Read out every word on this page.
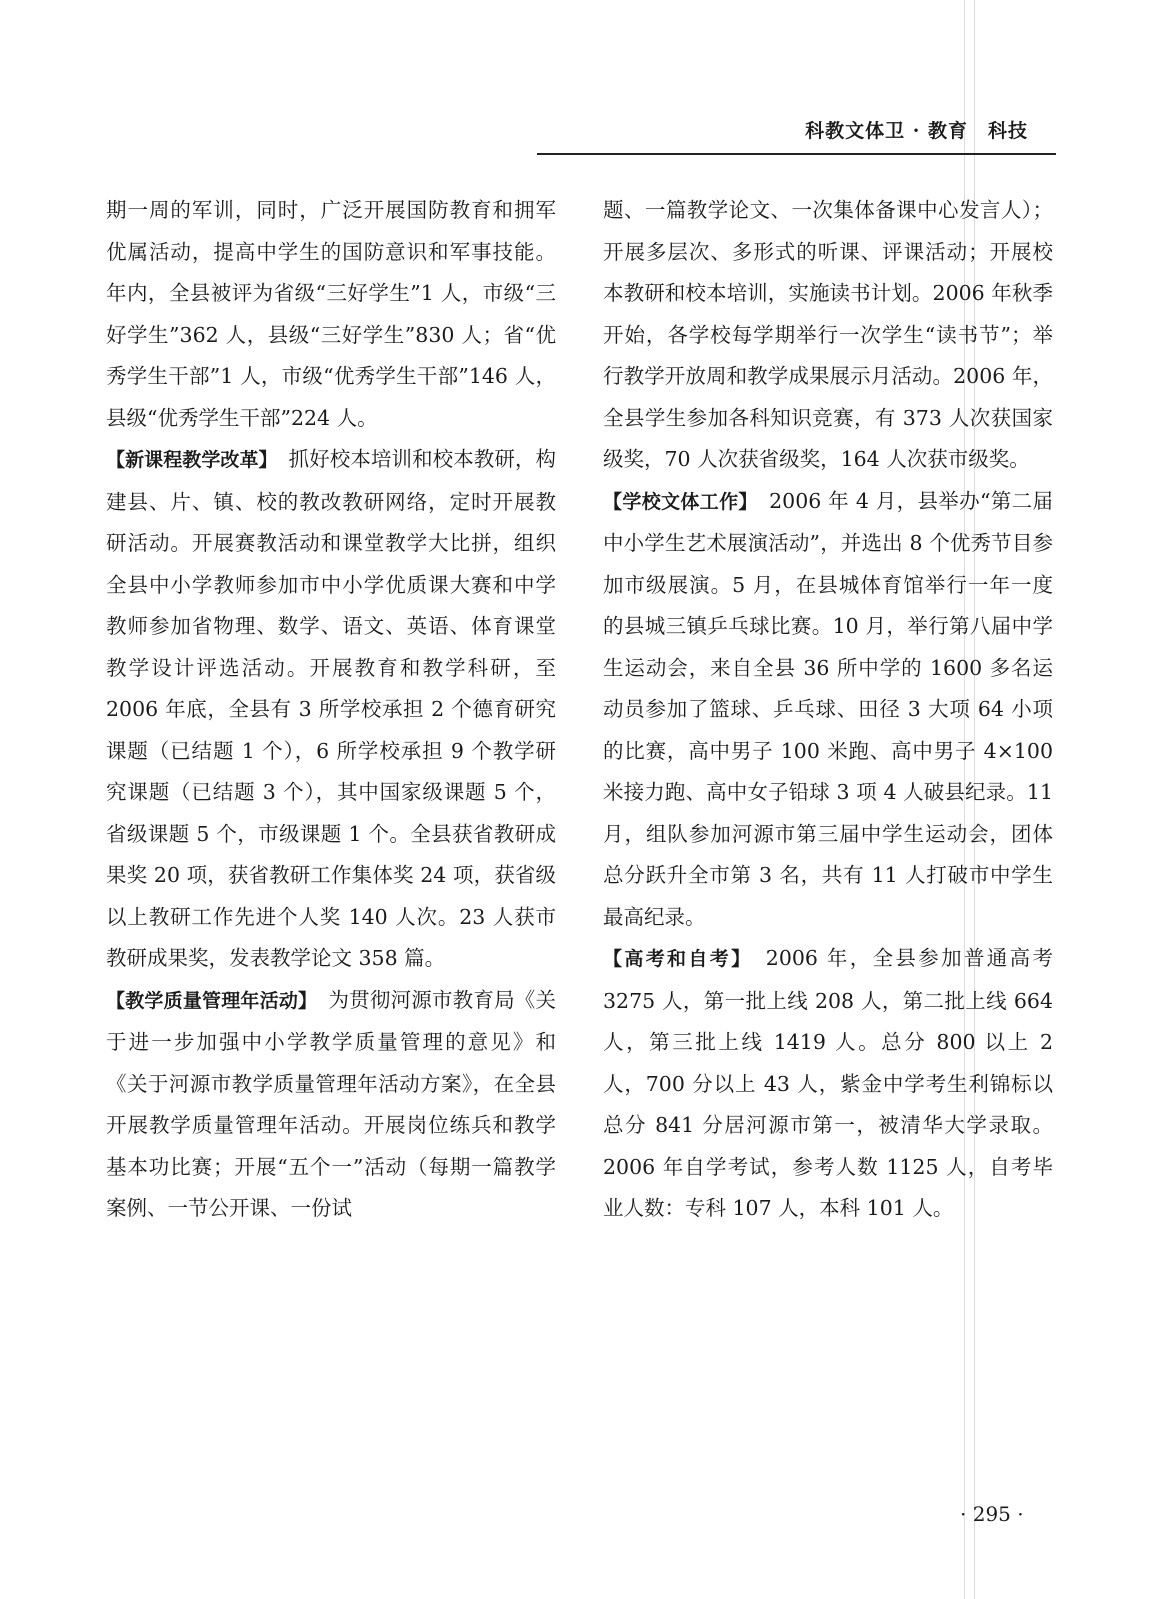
科教文体卫 · 教育　科技

期一周的军训，同时，广泛开展国防教育和拥军优属活动，提高中学生的国防意识和军事技能。年内，全县被评为省级“三好学生”1 人，市级“三好学生”362 人，县级“三好学生”830 人；省“优秀学生干部”1 人，市级“优秀学生干部”146 人，县级“优秀学生干部”224 人。

【新课程教学改革】　抓好校本培训和校本教研，构建县、片、镇、校的教改教研网络，定时开展教研活动。开展赛教活动和课堂教学大比拼，组织全县中小学教师参加市中小学优质课大赛和中学教师参加省物理、数学、语文、英语、体育课堂教学设计评选活动。开展教育和教学科研，至 2006 年底，全县有 3 所学校承担 2 个德育研究课题（已结题 1 个），6 所学校承担 9 个教学研究课题（已结题 3 个），其中国家级课题 5 个，省级课题 5 个，市级课题 1 个。全县获省教研成果奖 20 项，获省教研工作集体奖 24 项，获省级以上教研工作先进个人奖 140 人次。23 人获市教研成果奖，发表教学论文 358 篇。

【教学质量管理年活动】　为贯彻河源市教育局《关于进一步加强中小学教学质量管理的意见》和《关于河源市教学质量管理年活动方案》，在全县开展教学质量管理年活动。开展岗位练兵和教学基本功比赛；开展“五个一”活动（每期一篇教学案例、一节公开课、一份试

题、一篇教学论文、一次集体备课中心发言人）；开展多层次、多形式的听课、评课活动；开展校本教研和校本培训，实施读书计划。2006 年秋季开始，各学校每学期举行一次学生“读书节”；举行教学开放周和教学成果展示月活动。2006 年，全县学生参加各科知识竞赛，有 373 人次获国家级奖，70 人次获省级奖，164 人次获市级奖。

【学校文体工作】　2006 年 4 月，县举办“第二届中小学生艺术展演活动”，并选出 8 个优秀节目参加市级展演。5 月，在县城体育馆举行一年一度的县城三镇乒乓球比赛。10 月，举行第八届中学生运动会，来自全县 36 所中学的 1600 多名运动员参加了篮球、乒乓球、田径 3 大项 64 小项的比赛，高中男子 100 米跑、高中男子 4×100 米接力跑、高中女子铅球 3 项 4 人破县纪录。11 月，组队参加河源市第三届中学生运动会，团体总分跃升全市第 3 名，共有 11 人打破市中学生最高纪录。

【高考和自考】　2006 年，全县参加普通高考 3275 人，第一批上线 208 人，第二批上线 664 人，第三批上线 1419 人。总分 800 以上 2 人，700 分以上 43 人，紫金中学考生利锦标以总分 841 分居河源市第一，被清华大学录取。2006 年自学考试，参考人数 1125 人，自考毕业人数：专科 107 人，本科 101 人。

· 295 ·
